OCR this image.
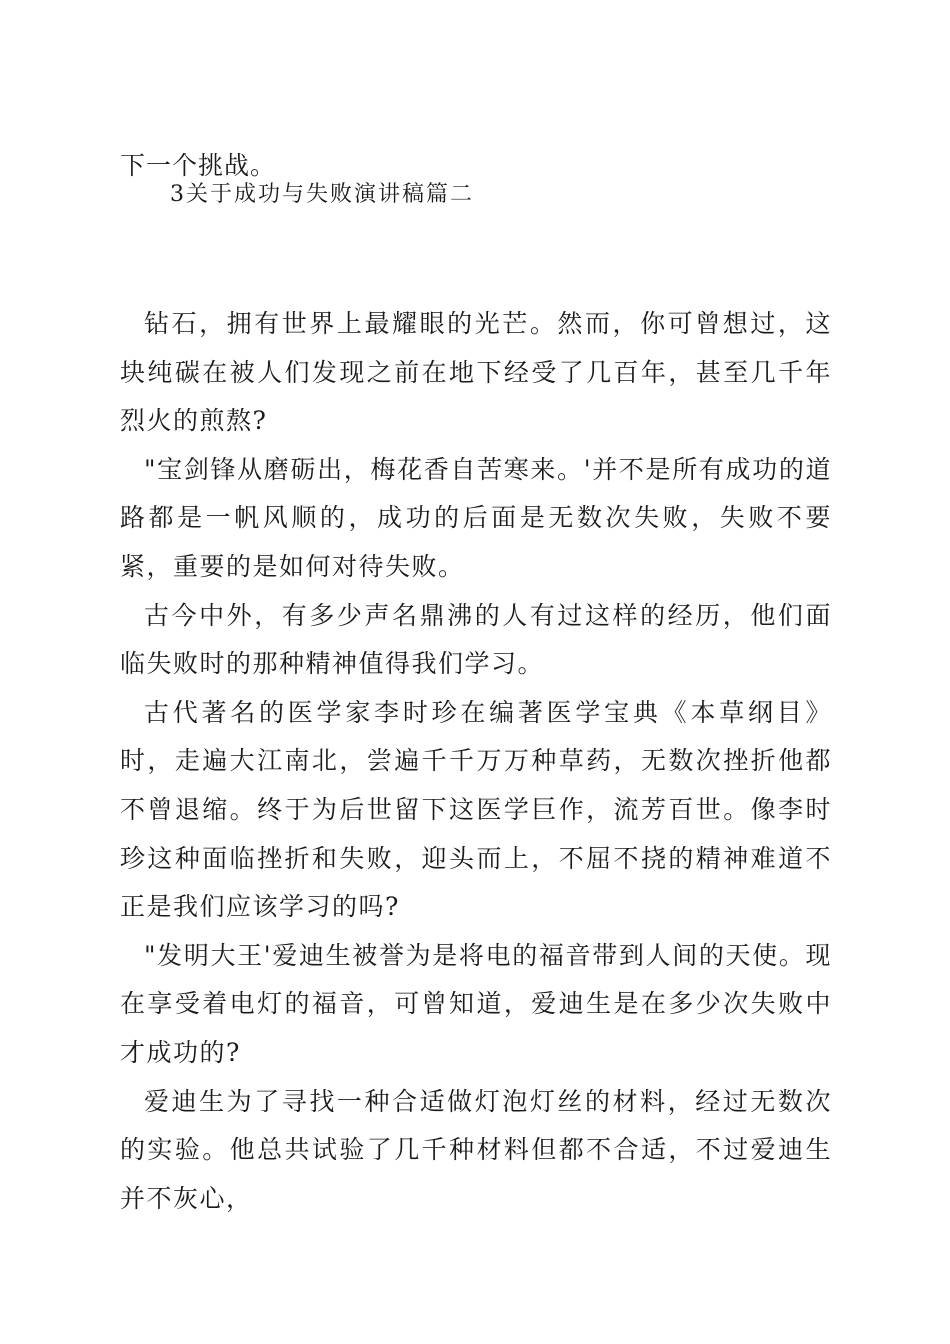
下一个挑战。

3关于成功与失败演讲稿篇二

钻石，拥有世界上最耀眼的光芒。然而，你可曾想过，这块纯碳在被人们发现之前在地下经受了几百年，甚至几千年烈火的煎熬?

"宝剑锋从磨砺出，梅花香自苦寒来。'并不是所有成功的道路都是一帆风顺的，成功的后面是无数次失败，失败不要紧，重要的是如何对待失败。

古今中外，有多少声名鼎沸的人有过这样的经历，他们面临失败时的那种精神值得我们学习。

古代著名的医学家李时珍在编著医学宝典《本草纲目》时，走遍大江南北，尝遍千千万万种草药，无数次挫折他都不曾退缩。终于为后世留下这医学巨作，流芳百世。像李时珍这种面临挫折和失败，迎头而上，不屈不挠的精神难道不正是我们应该学习的吗?

"发明大王'爱迪生被誉为是将电的福音带到人间的天使。现在享受着电灯的福音，可曾知道，爱迪生是在多少次失败中才成功的?

爱迪生为了寻找一种合适做灯泡灯丝的材料，经过无数次的实验。他总共试验了几千种材料但都不合适，不过爱迪生并不灰心，
